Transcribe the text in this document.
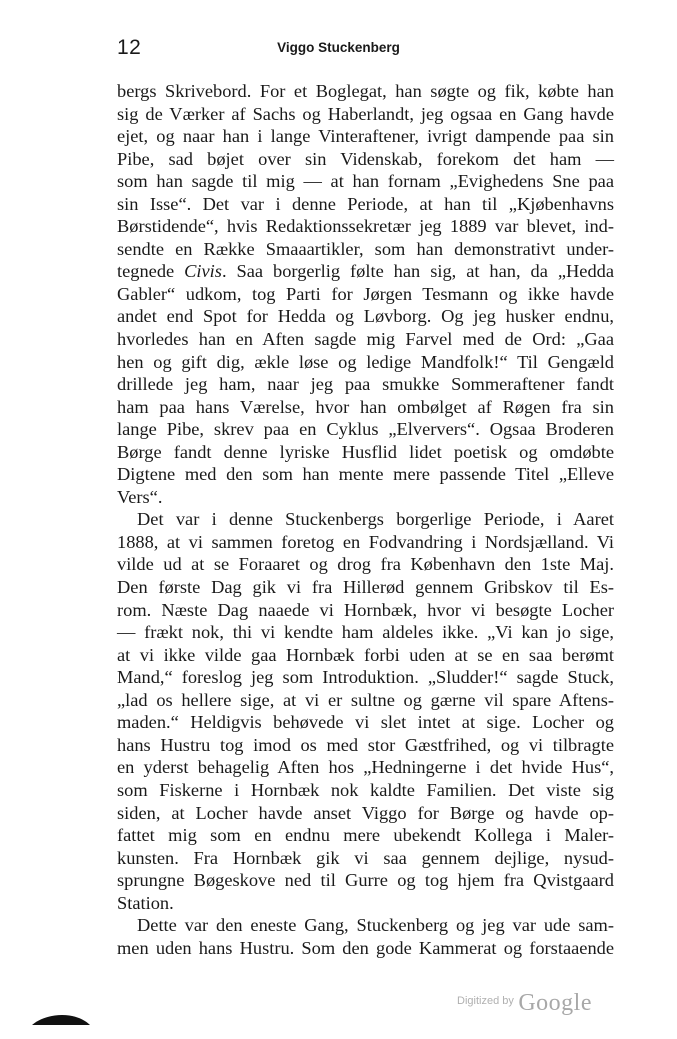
12	Viggo Stuckenberg
bergs Skrivebord. For et Boglegat, han søgte og fik, købte han
sig de Værker af Sachs og Haberlandt, jeg ogsaa en Gang havde
ejet, og naar han i lange Vinteraftener, ivrigt dampende paa sin
Pibe, sad bøjet over sin Videnskab, forekom det ham —
som han sagde til mig — at han fornam „Evighedens Sne paa
sin Isse“. Det var i denne Periode, at han til „Kjøbenhavns
Børstidende“, hvis Redaktionssekretær jeg 1889 var blevet, ind-
sendte en Række Smaaartikler, som han demonstrativt under-
tegnede Civis. Saa borgerlig følte han sig, at han, da „Hedda
Gabler“ udkom, tog Parti for Jørgen Tesmann og ikke havde
andet end Spot for Hedda og Løvborg. Og jeg husker endnu,
hvorledes han en Aften sagde mig Farvel med de Ord: „Gaa
hen og gift dig, ækle løse og ledige Mandfolk!“ Til Gengæld
drillede jeg ham, naar jeg paa smukke Sommeraftener fandt
ham paa hans Værelse, hvor han ombølget af Røgen fra sin
lange Pibe, skrev paa en Cyklus „Elververs“. Ogsaa Broderen
Børge fandt denne lyriske Husflid lidet poetisk og omdøbte
Digtene med den som han mente mere passende Titel „Elleve
Vers“.
Det var i denne Stuckenbergs borgerlige Periode, i Aaret
1888, at vi sammen foretog en Fodvandring i Nordsjælland. Vi
vilde ud at se Foraaret og drog fra København den 1ste Maj.
Den første Dag gik vi fra Hillerød gennem Gribskov til Es-
rom. Næste Dag naaede vi Hornbæk, hvor vi besøgte Locher
— frækt nok, thi vi kendte ham aldeles ikke. „Vi kan jo sige,
at vi ikke vilde gaa Hornbæk forbi uden at se en saa berømt
Mand,“ foreslog jeg som Introduktion. „Sludder!“ sagde Stuck,
„lad os hellere sige, at vi er sultne og gærne vil spare Aftens-
maden.“ Heldigvis behøvede vi slet intet at sige. Locher og
hans Hustru tog imod os med stor Gæstfrihed, og vi tilbragte
en yderst behagelig Aften hos „Hedningerne i det hvide Hus“,
som Fiskerne i Hornbæk nok kaldte Familien. Det viste sig
siden, at Locher havde anset Viggo for Børge og havde op-
fattet mig som en endnu mere ubekendt Kollega i Maler-
kunsten. Fra Hornbæk gik vi saa gennem dejlige, nysud-
sprungne Bøgeskove ned til Gurre og tog hjem fra Qvistgaard
Station.
Dette var den eneste Gang, Stuckenberg og jeg var ude sam-
men uden hans Hustru. Som den gode Kammerat og forstaaende
$^{Digitized by}$ Google
